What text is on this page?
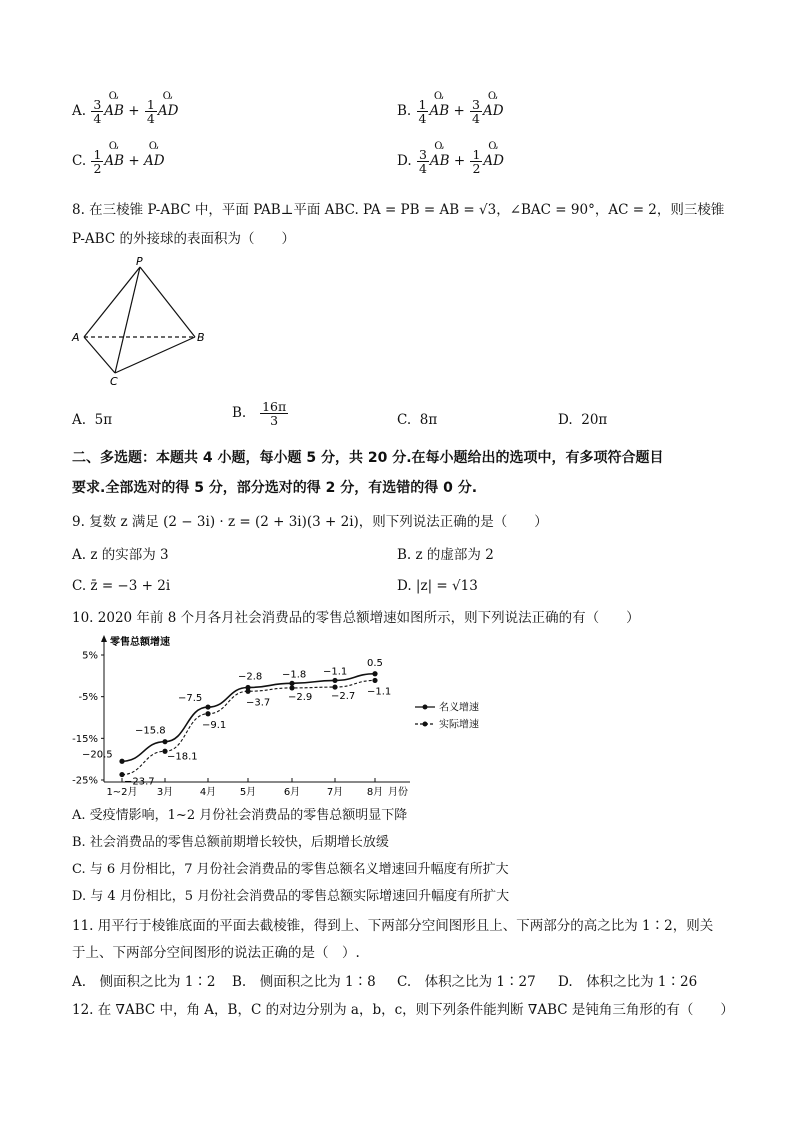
A. $\frac{3}{4}$ Ⴍ AB + $\frac{1}{4}$ Ⴍ AD	B. $\frac{1}{4}$ Ⴍ AB + $\frac{3}{4}$ Ⴍ AD
C. $\frac{1}{2}$ Ⴍ AB + Ⴍ AD	D. $\frac{3}{4}$ Ⴍ AB + $\frac{1}{2}$ Ⴍ AD
8. 在三棱锥 P-ABC 中，平面 PAB⊥平面 ABC. PA = PB = AB = √3，∠BAC = 90°，AC = 2，则三棱锥
P-ABC 的外接球的表面积为（　　）
P
A	B
C
A. 5π	B. $\frac{16\pi}{3}$	C. 8π	D. 20π
二、多选题：本题共 4 小题，每小题 5 分，共 20 分.在每小题给出的选项中，有多项符合题目
要求.全部选对的得 5 分，部分选对的得 2 分，有选错的得 0 分.
9. 复数 z 满足 (2 − 3i) · z = (2 + 3i)(3 + 2i)，则下列说法正确的是（　　）
A. z 的实部为 3	B. z 的虚部为 2
C. z̄ = −3 + 2i	D. |z| = √13
10. 2020 年前 8 个月各月社会消费品的零售总额增速如图所示，则下列说法正确的有（　　）
零售总额增速
月份
5%
-5%
-15%
-25%
1~2月 3月	4月 5月	6月	7月 8月
−20.5
−15.8
−7.5
−2.8 −1.8 −1.1
0.5
−23.7
−18.1
−9.1
−3.7 −2.9 −2.7 −1.1
名义增速
实际增速
A. 受疫情影响，1~2 月份社会消费品的零售总额明显下降
B. 社会消费品的零售总额前期增长较快，后期增长放缓
C. 与 6 月份相比，7 月份社会消费品的零售总额名义增速回升幅度有所扩大
D. 与 4 月份相比，5 月份社会消费品的零售总额实际增速回升幅度有所扩大
11. 用平行于棱锥底面的平面去截棱锥，得到上、下两部分空间图形且上、下两部分的高之比为 1∶2，则关
于上、下两部分空间图形的说法正确的是（　）.
A.　侧面积之比为 1∶2 B.　侧面积之比为 1∶8 C.　体积之比为 1∶27 D.　体积之比为 1∶26
12. 在 ∇ABC 中，角 A，B，C 的对边分别为 a，b，c，则下列条件能判断 ∇ABC 是钝角三角形的有（　　）
